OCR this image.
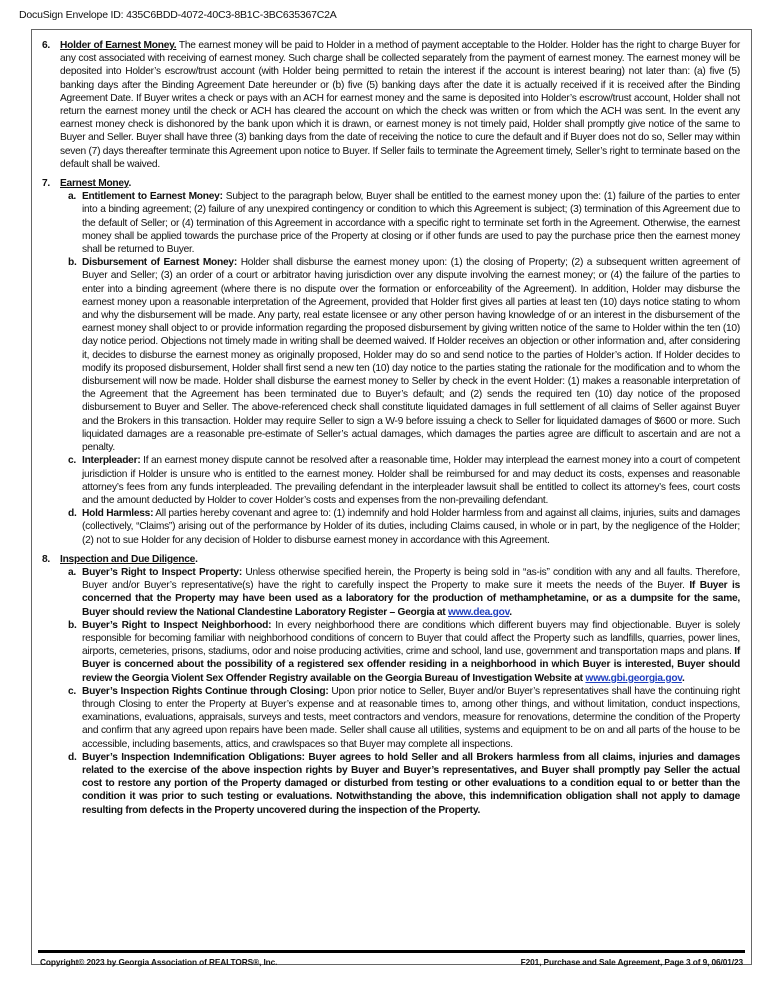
DocuSign Envelope ID: 435C6BDD-4072-40C3-8B1C-3BC635367C2A
6. Holder of Earnest Money. The earnest money will be paid to Holder in a method of payment acceptable to the Holder. Holder has the right to charge Buyer for any cost associated with receiving of earnest money. Such charge shall be collected separately from the payment of earnest money. The earnest money will be deposited into Holder’s escrow/trust account (with Holder being permitted to retain the interest if the account is interest bearing) not later than: (a) five (5) banking days after the Binding Agreement Date hereunder or (b) five (5) banking days after the date it is actually received if it is received after the Binding Agreement Date. If Buyer writes a check or pays with an ACH for earnest money and the same is deposited into Holder’s escrow/trust account, Holder shall not return the earnest money until the check or ACH has cleared the account on which the check was written or from which the ACH was sent. In the event any earnest money check is dishonored by the bank upon which it is drawn, or earnest money is not timely paid, Holder shall promptly give notice of the same to Buyer and Seller. Buyer shall have three (3) banking days from the date of receiving the notice to cure the default and if Buyer does not do so, Seller may within seven (7) days thereafter terminate this Agreement upon notice to Buyer. If Seller fails to terminate the Agreement timely, Seller’s right to terminate based on the default shall be waived.
7. Earnest Money.
a. Entitlement to Earnest Money: Subject to the paragraph below, Buyer shall be entitled to the earnest money upon the: (1) failure of the parties to enter into a binding agreement; (2) failure of any unexpired contingency or condition to which this Agreement is subject; (3) termination of this Agreement due to the default of Seller; or (4) termination of this Agreement in accordance with a specific right to terminate set forth in the Agreement. Otherwise, the earnest money shall be applied towards the purchase price of the Property at closing or if other funds are used to pay the purchase price then the earnest money shall be returned to Buyer.
b. Disbursement of Earnest Money: Holder shall disburse the earnest money upon: (1) the closing of Property; (2) a subsequent written agreement of Buyer and Seller; (3) an order of a court or arbitrator having jurisdiction over any dispute involving the earnest money; or (4) the failure of the parties to enter into a binding agreement (where there is no dispute over the formation or enforceability of the Agreement). In addition, Holder may disburse the earnest money upon a reasonable interpretation of the Agreement, provided that Holder first gives all parties at least ten (10) days notice stating to whom and why the disbursement will be made. Any party, real estate licensee or any other person having knowledge of or an interest in the disbursement of the earnest money shall object to or provide information regarding the proposed disbursement by giving written notice of the same to Holder within the ten (10) day notice period. Objections not timely made in writing shall be deemed waived. If Holder receives an objection or other information and, after considering it, decides to disburse the earnest money as originally proposed, Holder may do so and send notice to the parties of Holder’s action. If Holder decides to modify its proposed disbursement, Holder shall first send a new ten (10) day notice to the parties stating the rationale for the modification and to whom the disbursement will now be made. Holder shall disburse the earnest money to Seller by check in the event Holder: (1) makes a reasonable interpretation of the Agreement that the Agreement has been terminated due to Buyer’s default; and (2) sends the required ten (10) day notice of the proposed disbursement to Buyer and Seller. The above-referenced check shall constitute liquidated damages in full settlement of all claims of Seller against Buyer and the Brokers in this transaction. Holder may require Seller to sign a W-9 before issuing a check to Seller for liquidated damages of $600 or more. Such liquidated damages are a reasonable pre-estimate of Seller’s actual damages, which damages the parties agree are difficult to ascertain and are not a penalty.
c. Interpleader: If an earnest money dispute cannot be resolved after a reasonable time, Holder may interplead the earnest money into a court of competent jurisdiction if Holder is unsure who is entitled to the earnest money. Holder shall be reimbursed for and may deduct its costs, expenses and reasonable attorney’s fees from any funds interpleaded. The prevailing defendant in the interpleader lawsuit shall be entitled to collect its attorney’s fees, court costs and the amount deducted by Holder to cover Holder’s costs and expenses from the non-prevailing defendant.
d. Hold Harmless: All parties hereby covenant and agree to: (1) indemnify and hold Holder harmless from and against all claims, injuries, suits and damages (collectively, “Claims”) arising out of the performance by Holder of its duties, including Claims caused, in whole or in part, by the negligence of the Holder; (2) not to sue Holder for any decision of Holder to disburse earnest money in accordance with this Agreement.
8. Inspection and Due Diligence.
a. Buyer’s Right to Inspect Property: Unless otherwise specified herein, the Property is being sold in “as-is” condition with any and all faults. Therefore, Buyer and/or Buyer’s representative(s) have the right to carefully inspect the Property to make sure it meets the needs of the Buyer. If Buyer is concerned that the Property may have been used as a laboratory for the production of methamphetamine, or as a dumpsite for the same, Buyer should review the National Clandestine Laboratory Register – Georgia at www.dea.gov.
b. Buyer’s Right to Inspect Neighborhood: In every neighborhood there are conditions which different buyers may find objectionable. Buyer is solely responsible for becoming familiar with neighborhood conditions of concern to Buyer that could affect the Property such as landfills, quarries, power lines, airports, cemeteries, prisons, stadiums, odor and noise producing activities, crime and school, land use, government and transportation maps and plans. If Buyer is concerned about the possibility of a registered sex offender residing in a neighborhood in which Buyer is interested, Buyer should review the Georgia Violent Sex Offender Registry available on the Georgia Bureau of Investigation Website at www.gbi.georgia.gov.
c. Buyer’s Inspection Rights Continue through Closing: Upon prior notice to Seller, Buyer and/or Buyer’s representatives shall have the continuing right through Closing to enter the Property at Buyer’s expense and at reasonable times to, among other things, and without limitation, conduct inspections, examinations, evaluations, appraisals, surveys and tests, meet contractors and vendors, measure for renovations, determine the condition of the Property and confirm that any agreed upon repairs have been made. Seller shall cause all utilities, systems and equipment to be on and all parts of the house to be accessible, including basements, attics, and crawlspaces so that Buyer may complete all inspections.
d. Buyer’s Inspection Indemnification Obligations: Buyer agrees to hold Seller and all Brokers harmless from all claims, injuries and damages related to the exercise of the above inspection rights by Buyer and Buyer’s representatives, and Buyer shall promptly pay Seller the actual cost to restore any portion of the Property damaged or disturbed from testing or other evaluations to a condition equal to or better than the condition it was prior to such testing or evaluations. Notwithstanding the above, this indemnification obligation shall not apply to damage resulting from defects in the Property uncovered during the inspection of the Property.
Copyright© 2023 by Georgia Association of REALTORS®, Inc.	F201, Purchase and Sale Agreement, Page 3 of 9, 06/01/23
